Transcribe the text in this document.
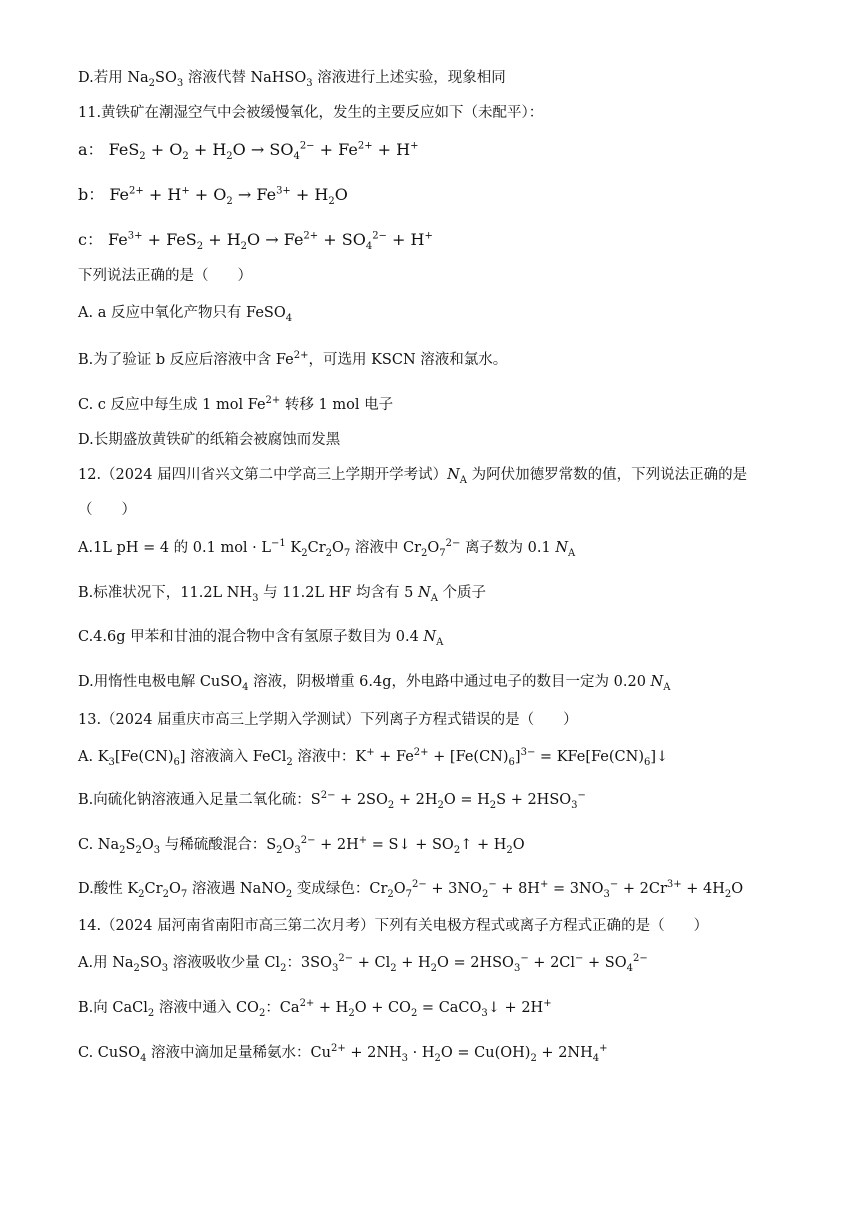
D.若用 $Na_2SO_3$ 溶液代替 NaHSO$_3$ 溶液进行上述实验，现象相同
11.黄铁矿在潮湿空气中会被缓慢氧化，发生的主要反应如下（未配平）：
a： $FeS_2 + O_2 + H_2O \to SO_4^{2-} + Fe^{2+} + H^+$
b： $Fe^{2+} + H^+ + O_2 \to Fe^{3+} + H_2O$
c： $Fe^{3+} + FeS_2 + H_2O \to Fe^{2+} + SO_4^{2-} + H^+$
下列说法正确的是（　　）
A. a 反应中氧化产物只有 FeSO$_4$
B.为了验证 b 反应后溶液中含 $Fe^{2+}$，可选用 KSCN 溶液和氯水。
C. c 反应中每生成 1 mol $Fe^{2+}$ 转移 1 mol 电子
D.长期盛放黄铁矿的纸箱会被腐蚀而发黑
12.（2024 届四川省兴文第二中学高三上学期开学考试）$N_A$ 为阿伏加德罗常数的值，下列说法正确的是
（　　）
A.1L pH = 4 的 0.1 mol · $L^{-1}$ $K_2Cr_2O_7$ 溶液中 $Cr_2O_7^{2-}$ 离子数为 0.1 $N_A$
B.标准状况下，11.2L $NH_3$ 与 11.2L HF 均含有 5 $N_A$ 个质子
C.4.6g 甲苯和甘油的混合物中含有氢原子数目为 0.4 $N_A$
D.用惰性电极电解 CuSO$_4$ 溶液，阴极增重 6.4g，外电路中通过电子的数目一定为 0.20 $N_A$
13.（2024 届重庆市高三上学期入学测试）下列离子方程式错误的是（　　）
A. $K_3[Fe(CN)_6]$ 溶液滴入 FeCl$_2$ 溶液中：$K^+ + Fe^{2+} + [Fe(CN)_6]^{3-}$ = $KFe[Fe(CN)_6]↓$
B.向硫化钠溶液通入足量二氧化硫：$S^{2-} + 2SO_2 + 2H_2O = H_2S + 2HSO_3^-$
C. $Na_2S_2O_3$ 与稀硫酸混合：$S_2O_3^{2-} + 2H^+$ = S↓ + $SO_2↑ + H_2O$
D.酸性 $K_2Cr_2O_7$ 溶液遇 NaNO$_2$ 变成绿色：$Cr_2O_7^{2-} + 3NO_2^- + 8H^+ = 3NO_3^- + 2Cr^{3+} + 4H_2O$
14.（2024 届河南省南阳市高三第二次月考）下列有关电极方程式或离子方程式正确的是（　　）
A.用 $Na_2SO_3$ 溶液吸收少量 $Cl_2$：$3SO_3^{2-} + Cl_2 + H_2O = 2HSO_3^- + 2Cl^- + SO_4^{2-}$
B.向 CaCl$_2$ 溶液中通入 $CO_2$：$Ca^{2+} + H_2O + CO_2$ = CaCO$_3$↓ + 2H+
C. CuSO$_4$ 溶液中滴加足量稀氨水：$Cu^{2+} + 2NH_3 \cdot H_2O = Cu(OH)_2 + 2NH_4^+$
